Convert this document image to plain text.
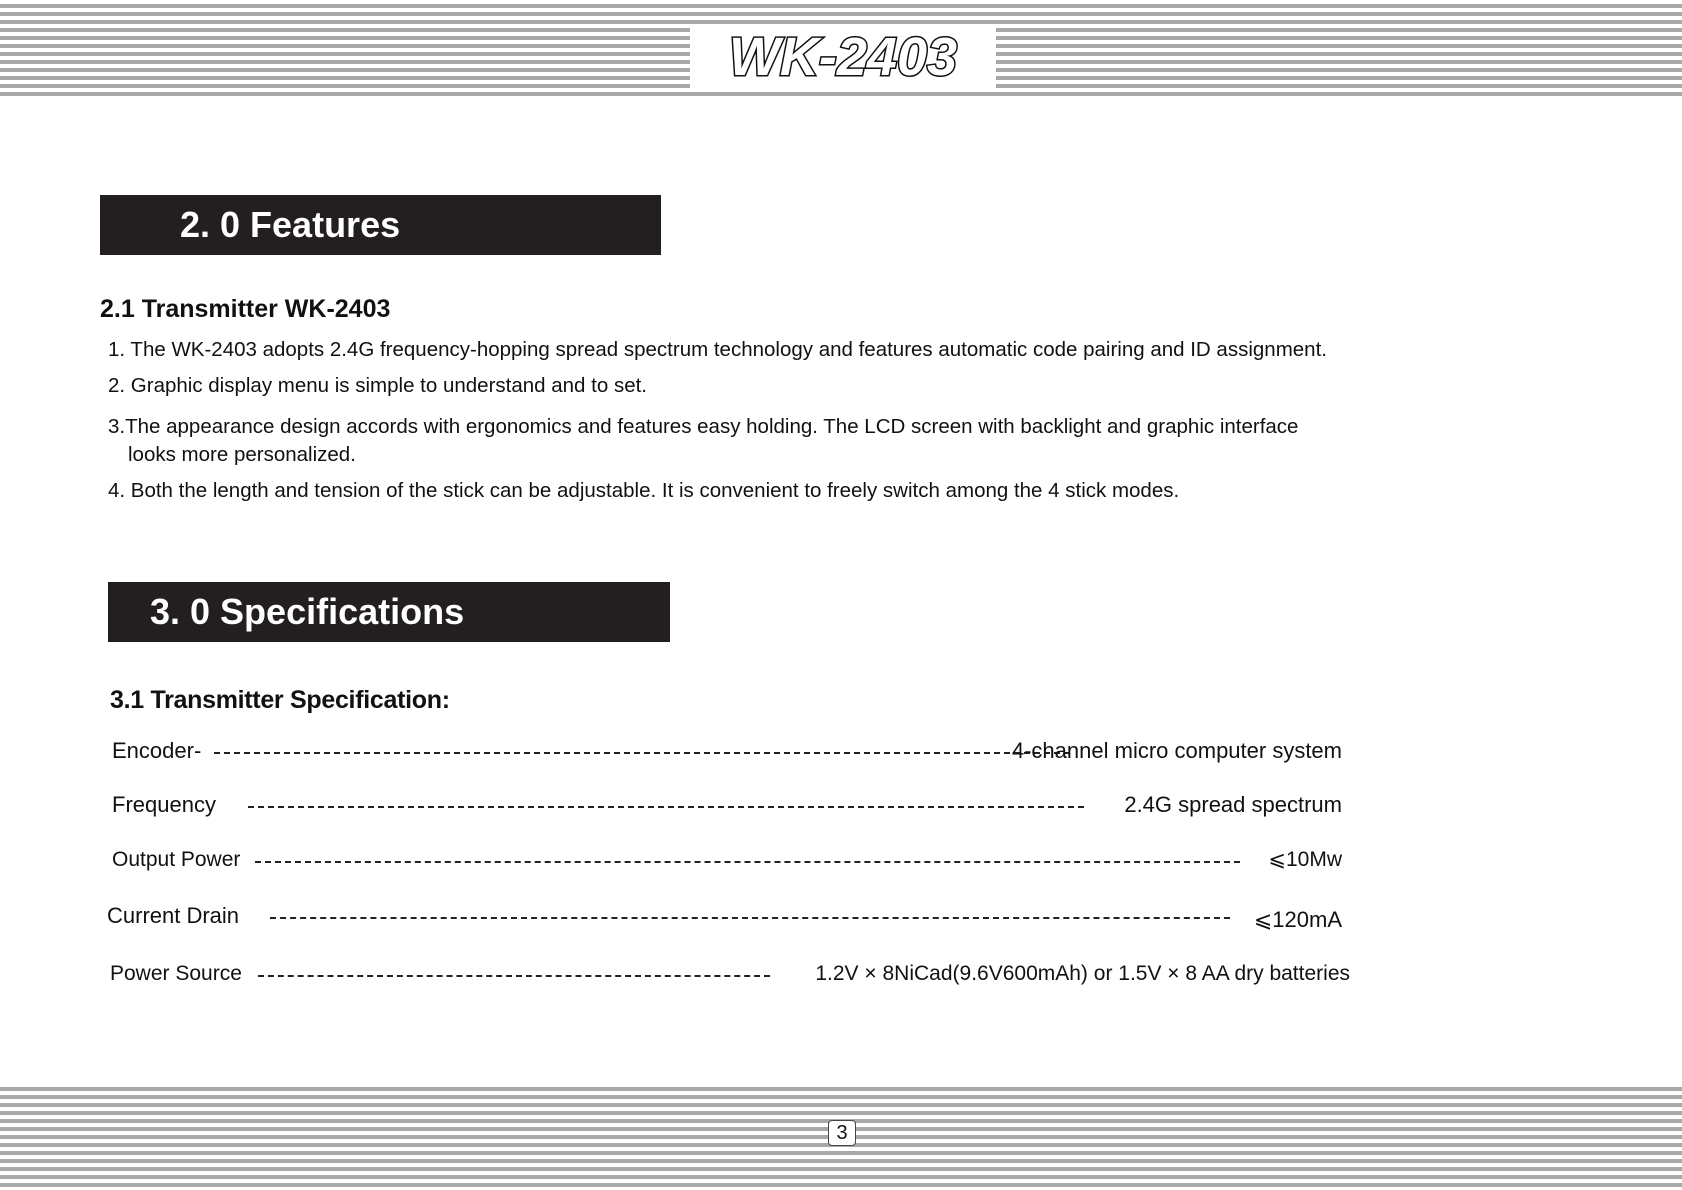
WK-2403
2. 0 Features
2.1 Transmitter WK-2403
1. The WK-2403 adopts 2.4G frequency-hopping spread spectrum technology and features automatic code pairing and ID assignment.
2. Graphic display menu is simple to understand and to set.
3.The appearance design accords with ergonomics and features easy holding. The LCD screen with backlight and graphic interface
looks more personalized.
4. Both the length and tension of the stick can be adjustable. It is convenient to freely switch among the 4 stick modes.
3. 0 Specifications
3.1 Transmitter Specification:
Encoder-	4-channel micro computer system
Frequency	2.4G spread spectrum
Output Power	⩽10Mw
Current Drain	⩽120mA
Power Source	1.2V × 8NiCad(9.6V600mAh) or 1.5V × 8 AA dry batteries
3
